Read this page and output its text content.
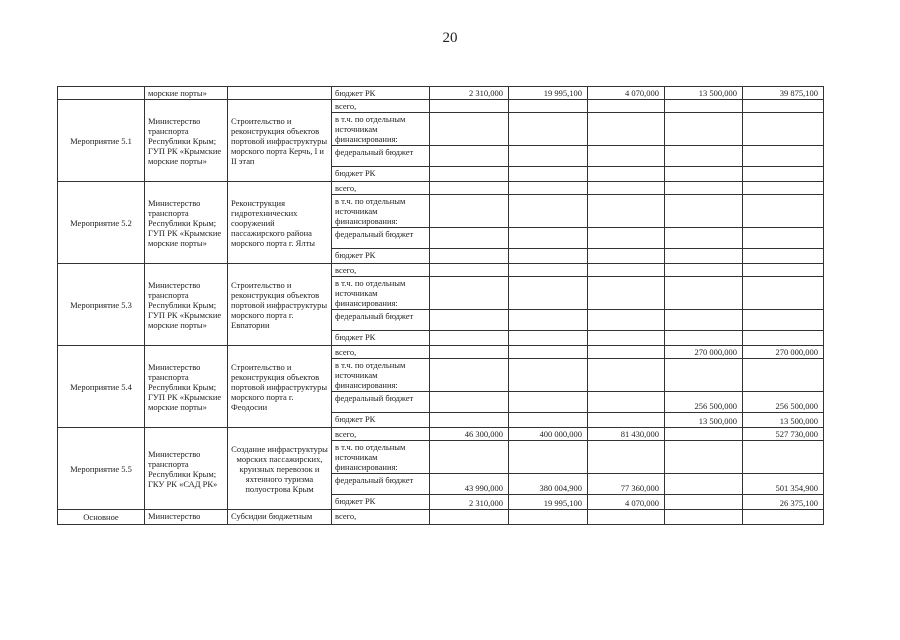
20
	морские порты»		бюджет РК	2 310,000	19 995,100	4 070,000	13 500,000	39 875,100
Мероприятие 5.1	Министерство транспорта Республики Крым; ГУП РК «Крымские морские порты»	Строительство и реконструкция объектов портовой инфраструктуры морского порта Керчь, I и II этап	всего,					
			в т.ч. по отдельным источникам финансирования:					
			федеральный бюджет					
			бюджет РК					
Мероприятие 5.2	Министерство транспорта Республики Крым; ГУП РК «Крымские морские порты»	Реконструкция гидротехнических сооружений пассажирского района морского порта г. Ялты	всего,					
			в т.ч. по отдельным источникам финансирования:					
			федеральный бюджет					
			бюджет РК					
Мероприятие 5.3	Министерство транспорта Республики Крым; ГУП РК «Крымские морские порты»	Строительство и реконструкция объектов портовой инфраструктуры морского порта г. Евпатории	всего,					
			в т.ч. по отдельным источникам финансирования:					
			федеральный бюджет					
			бюджет РК					
Мероприятие 5.4	Министерство транспорта Республики Крым; ГУП РК «Крымские морские порты»	Строительство и реконструкция объектов портовой инфраструктуры морского порта г. Феодосии	всего,				270 000,000	270 000,000
			в т.ч. по отдельным источникам финансирования:					
			федеральный бюджет				256 500,000	256 500,000
			бюджет РК				13 500,000	13 500,000
Мероприятие 5.5	Министерство транспорта Республики Крым; ГКУ РК «САД РК»	Создание инфраструктуры морских пассажирских, круизных перевозок и яхтенного туризма полуострова Крым	всего,	46 300,000	400 000,000	81 430,000		527 730,000
			в т.ч. по отдельным источникам финансирования:					
			федеральный бюджет	43 990,000	380 004,900	77 360,000		501 354,900
			бюджет РК	2 310,000	19 995,100	4 070,000		26 375,100
Основное	Министерство	Субсидии бюджетным	всего,					
